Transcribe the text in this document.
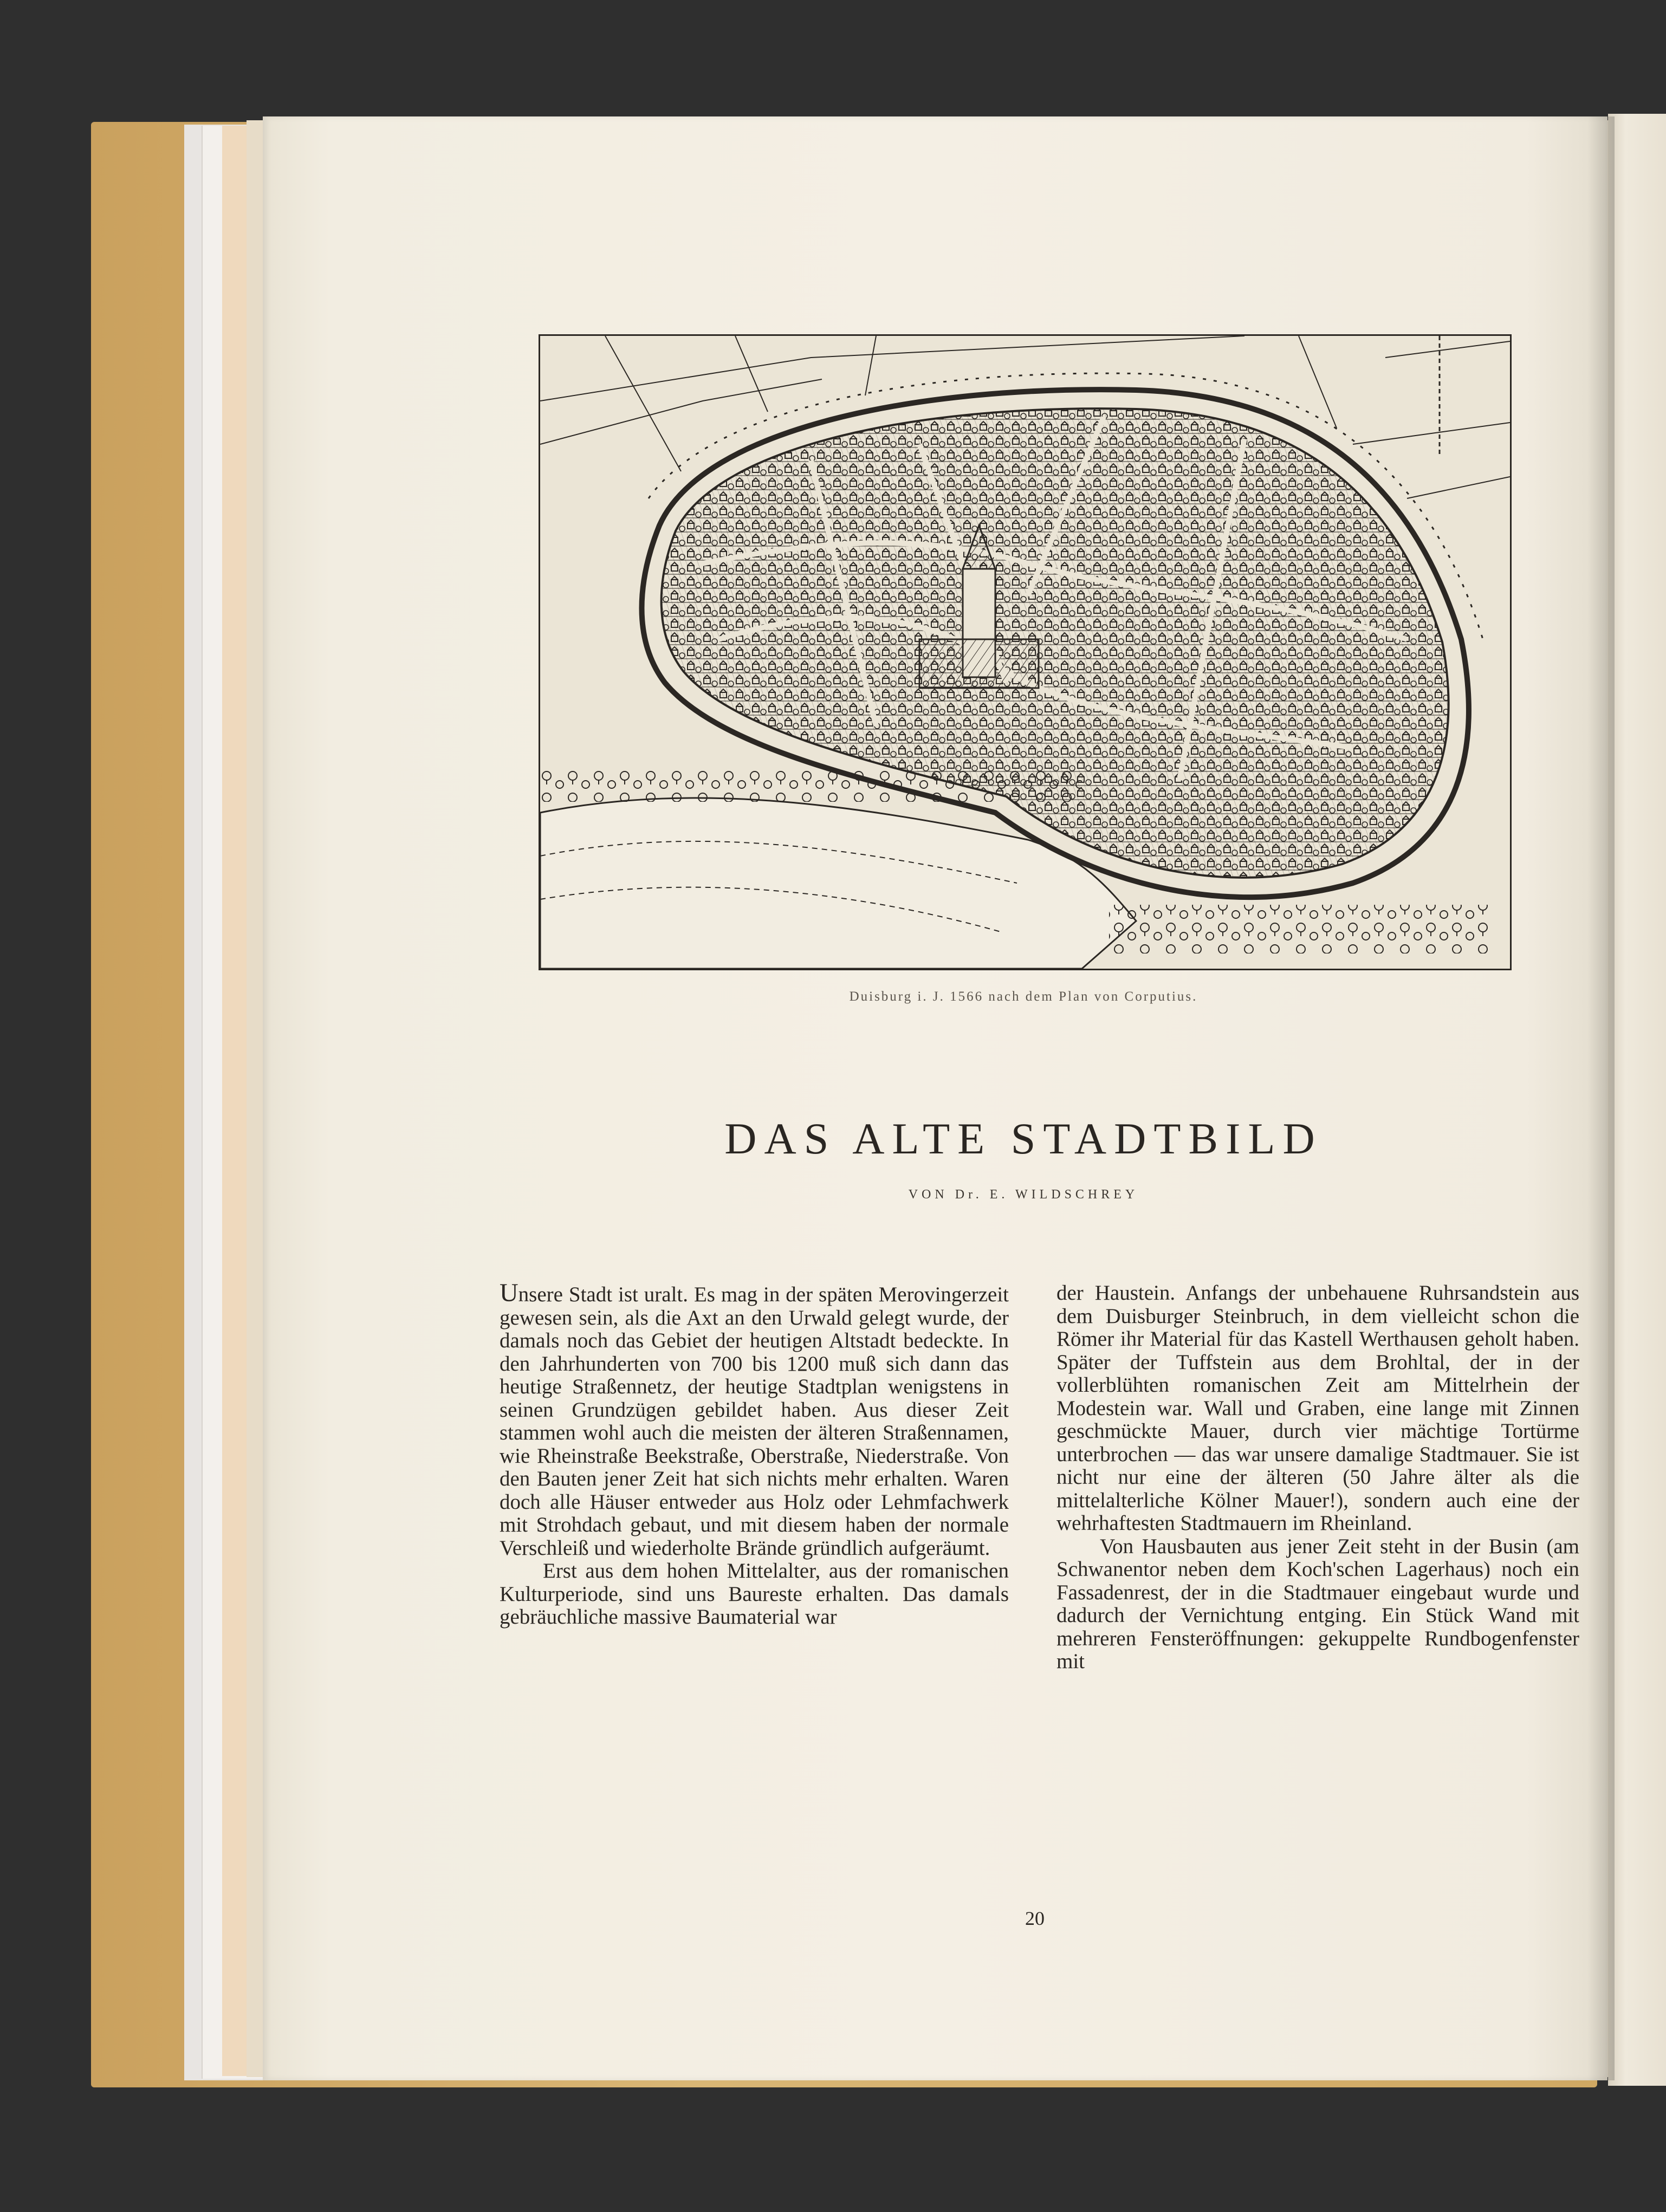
Duisburg i. J. 1566 nach dem Plan von Corputius.
DAS ALTE STADTBILD
VON Dr. E. WILDSCHREY

Unsere Stadt ist uralt. Es mag in der späten Merovingerzeit gewesen sein, als die Axt an den Urwald gelegt wurde, der damals noch das Gebiet der heutigen Altstadt bedeckte. In den Jahrhunderten von 700 bis 1200 muß sich dann das heutige Straßennetz, der heutige Stadtplan wenigstens in seinen Grundzügen gebildet haben. Aus dieser Zeit stammen wohl auch die meisten der älteren Straßennamen, wie Rheinstraße Beekstraße, Oberstraße, Niederstraße. Von den Bauten jener Zeit hat sich nichts mehr erhalten. Waren doch alle Häuser entweder aus Holz oder Lehmfachwerk mit Strohdach gebaut, und mit diesem haben der normale Verschleiß und wiederholte Brände gründlich aufgeräumt.

Erst aus dem hohen Mittelalter, aus der romanischen Kulturperiode, sind uns Baureste erhalten. Das damals gebräuchliche massive Baumaterial war

der Haustein. Anfangs der unbehauene Ruhrsandstein aus dem Duisburger Steinbruch, in dem vielleicht schon die Römer ihr Material für das Kastell Werthausen geholt haben. Später der Tuffstein aus dem Brohltal, der in der vollerblühten romanischen Zeit am Mittelrhein der Modestein war. Wall und Graben, eine lange mit Zinnen geschmückte Mauer, durch vier mächtige Tortürme unterbrochen — das war unsere damalige Stadtmauer. Sie ist nicht nur eine der älteren (50 Jahre älter als die mittelalterliche Kölner Mauer!), sondern auch eine der wehrhaftesten Stadtmauern im Rheinland.

Von Hausbauten aus jener Zeit steht in der Busin (am Schwanentor neben dem Koch'schen Lagerhaus) noch ein Fassadenrest, der in die Stadtmauer eingebaut wurde und dadurch der Vernichtung entging. Ein Stück Wand mit mehreren Fensteröffnungen: gekuppelte Rundbogenfenster mit

20
